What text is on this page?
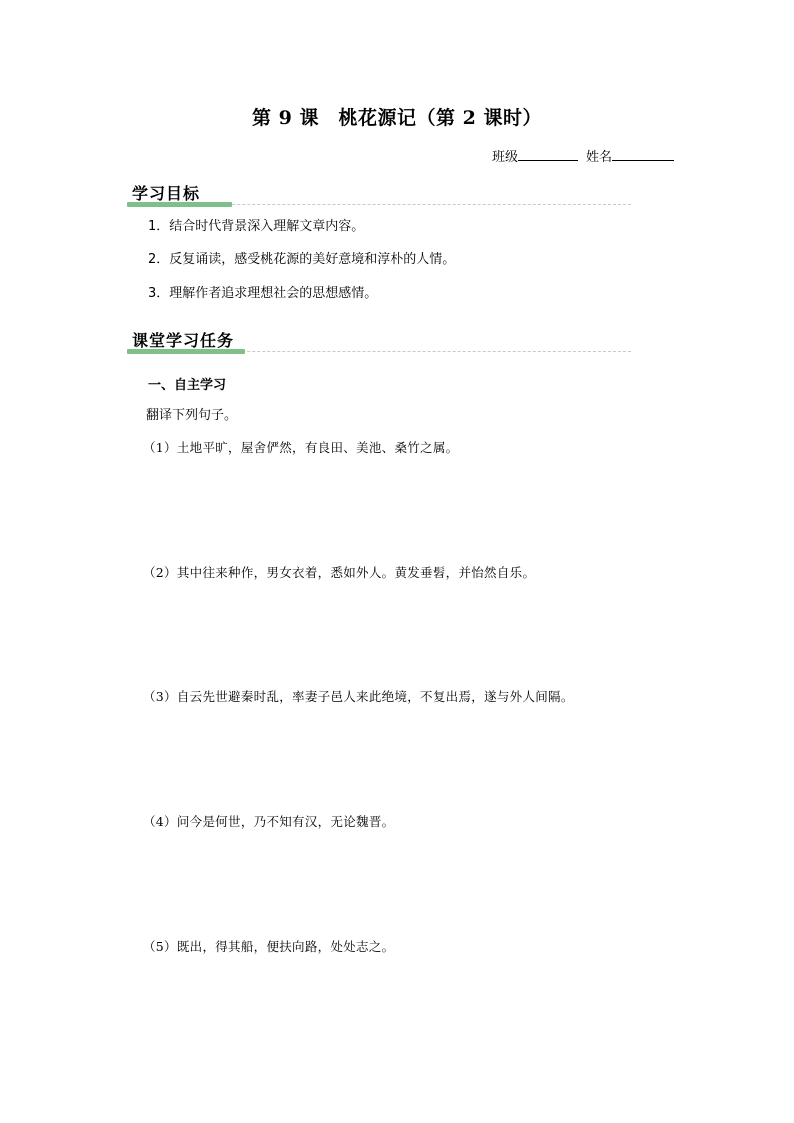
第 9 课　桃花源记（第 2 课时）
班级	姓名
学习目标
1．结合时代背景深入理解文章内容。
2．反复诵读，感受桃花源的美好意境和淳朴的人情。
3．理解作者追求理想社会的思想感情。
课堂学习任务
一、自主学习
翻译下列句子。
（1）土地平旷，屋舍俨然，有良田、美池、桑竹之属。
（2）其中往来种作，男女衣着，悉如外人。黄发垂髫，并怡然自乐。
（3）自云先世避秦时乱，率妻子邑人来此绝境，不复出焉，遂与外人间隔。
（4）问今是何世，乃不知有汉，无论魏晋。
（5）既出，得其船，便扶向路，处处志之。
